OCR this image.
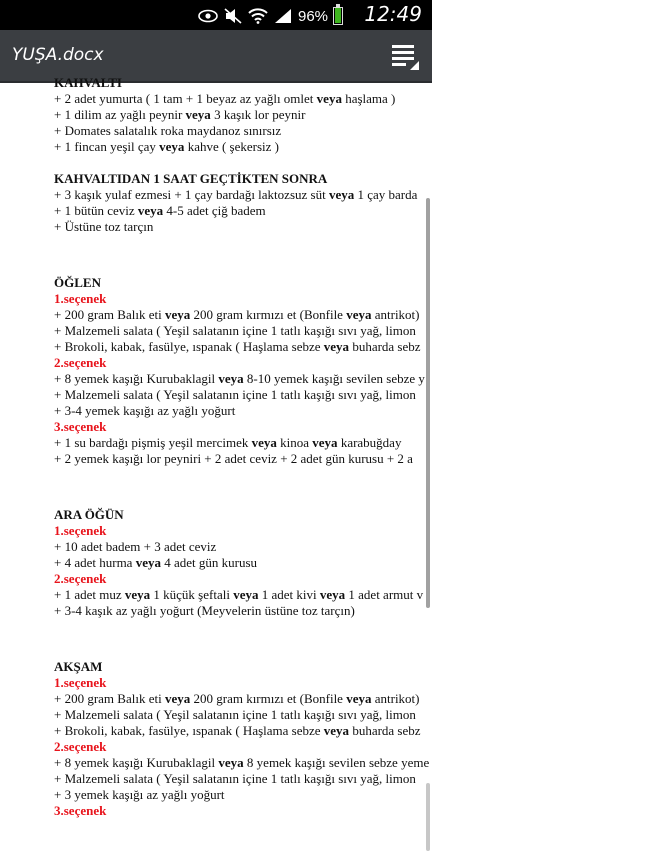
96% 12:49
YUŞA.docx
KAHVALTI
+ 2 adet yumurta ( 1 tam + 1 beyaz az yağlı omlet veya haşlama )
+ 1 dilim az yağlı peynir veya 3 kaşık lor peynir
+ Domates salatalık roka maydanoz sınırsız
+ 1 fincan yeşil çay veya kahve ( şekersiz )
KAHVALTIDAN 1 SAAT GEÇTİKTEN SONRA
+ 3 kaşık yulaf ezmesi + 1 çay bardağı laktozsuz süt veya 1 çay barda
+ 1 bütün ceviz veya 4-5 adet çiğ badem
+ Üstüne toz tarçın
ÖĞLEN
1.seçenek
+ 200 gram Balık eti veya 200 gram kırmızı et (Bonfile veya antrikot)
+ Malzemeli salata ( Yeşil salatanın içine 1 tatlı kaşığı sıvı yağ, limon
+ Brokoli, kabak, fasülye, ıspanak ( Haşlama sebze veya buharda sebz
2.seçenek
+ 8 yemek kaşığı Kurubaklagil veya 8-10 yemek kaşığı sevilen sebze y
+ Malzemeli salata ( Yeşil salatanın içine 1 tatlı kaşığı sıvı yağ, limon
+ 3-4 yemek kaşığı az yağlı yoğurt
3.seçenek
+ 1 su bardağı pişmiş yeşil mercimek veya kinoa veya karabuğday
+ 2 yemek kaşığı lor peyniri + 2 adet ceviz + 2 adet gün kurusu + 2 a
ARA ÖĞÜN
1.seçenek
+ 10 adet badem + 3 adet ceviz
+ 4 adet hurma veya 4 adet gün kurusu
2.seçenek
+ 1 adet muz veya 1 küçük şeftali veya 1 adet kivi veya 1 adet armut v
+ 3-4 kaşık az yağlı yoğurt (Meyvelerin üstüne toz tarçın)
AKŞAM
1.seçenek
+ 200 gram Balık eti veya 200 gram kırmızı et (Bonfile veya antrikot)
+ Malzemeli salata ( Yeşil salatanın içine 1 tatlı kaşığı sıvı yağ, limon
+ Brokoli, kabak, fasülye, ıspanak ( Haşlama sebze veya buharda sebz
2.seçenek
+ 8 yemek kaşığı Kurubaklagil veya 8 yemek kaşığı sevilen sebze yeme
+ Malzemeli salata ( Yeşil salatanın içine 1 tatlı kaşığı sıvı yağ, limon
+ 3 yemek kaşığı az yağlı yoğurt
3.seçenek
